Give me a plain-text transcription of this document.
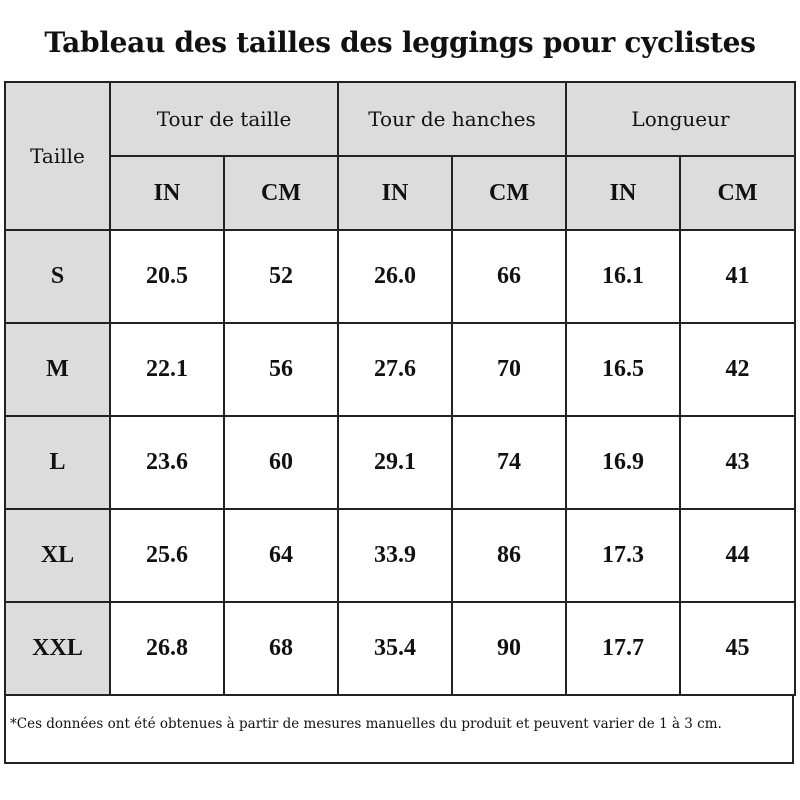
Tableau des tailles des leggings pour cyclistes
Taille	Tour de taille		Tour de hanches		Longueur	
	IN	CM	IN	CM	IN	CM
S	20.5	52	26.0	66	16.1	41
M	22.1	56	27.6	70	16.5	42
L	23.6	60	29.1	74	16.9	43
XL	25.6	64	33.9	86	17.3	44
XXL	26.8	68	35.4	90	17.7	45
*Ces données ont été obtenues à partir de mesures manuelles du produit et peuvent varier de 1 à 3 cm.
